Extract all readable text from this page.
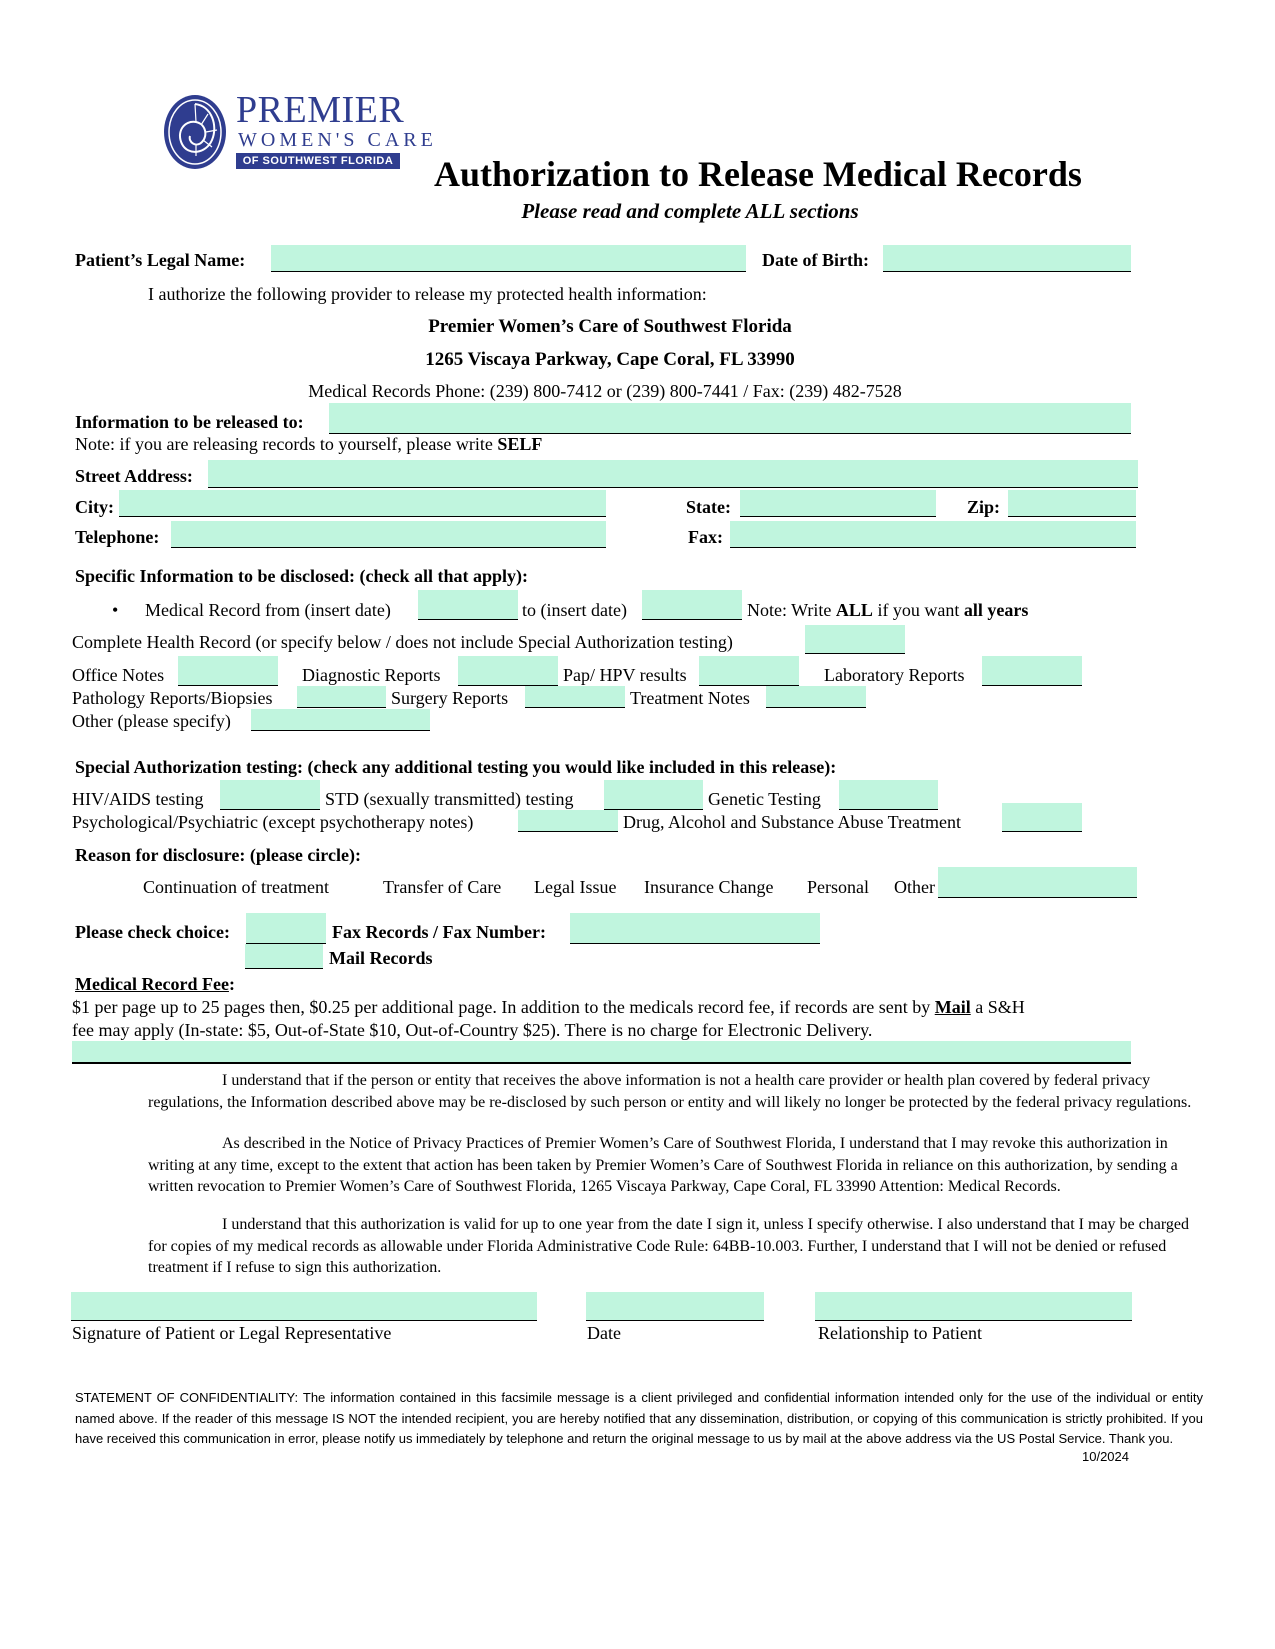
PREMIER
WOMEN'S CARE
OF SOUTHWEST FLORIDA Authorization to Release Medical Records
Please read and complete ALL sections
Patient’s Legal Name:	Date of Birth:
I authorize the following provider to release my protected health information:
Premier Women’s Care of Southwest Florida
1265 Viscaya Parkway, Cape Coral, FL 33990
Medical Records Phone: (239) 800-7412 or (239) 800-7441 / Fax: (239) 482-7528
Information to be released to:
Note: if you are releasing records to yourself, please write SELF
Street Address:
City:	State:	Zip:
Telephone:	Fax:
Specific Information to be disclosed: (check all that apply):
• Medical Record from (insert date)	to (insert date)	Note: Write ALL if you want all years
Complete Health Record (or specify below / does not include Special Authorization testing)
Office Notes	Diagnostic Reports	Pap/ HPV results	Laboratory Reports
Pathology Reports/Biopsies	Surgery Reports	Treatment Notes
Other (please specify)
Special Authorization testing: (check any additional testing you would like included in this release):
HIV/AIDS testing	STD (sexually transmitted) testing	Genetic Testing
Psychological/Psychiatric (except psychotherapy notes)	Drug, Alcohol and Substance Abuse Treatment
Reason for disclosure: (please circle):
Continuation of treatment	Transfer of Care Legal Issue Insurance Change Personal Other
Please check choice:	Fax Records / Fax Number:
Mail Records
Medical Record Fee:
$1 per page up to 25 pages then, $0.25 per additional page. In addition to the medicals record fee, if records are sent by Mail a S&H
fee may apply (In-state: $5, Out-of-State $10, Out-of-Country $25). There is no charge for Electronic Delivery.
I understand that if the person or entity that receives the above information is not a health care provider or health plan covered by federal privacy regulations, the Information described above may be re-disclosed by such person or entity and will likely no longer be protected by the federal privacy regulations.
As described in the Notice of Privacy Practices of Premier Women’s Care of Southwest Florida, I understand that I may revoke this authorization in writing at any time, except to the extent that action has been taken by Premier Women’s Care of Southwest Florida in reliance on this authorization, by sending a written revocation to Premier Women’s Care of Southwest Florida, 1265 Viscaya Parkway, Cape Coral, FL 33990 Attention: Medical Records.
I understand that this authorization is valid for up to one year from the date I sign it, unless I specify otherwise. I also understand that I may be charged for copies of my medical records as allowable under Florida Administrative Code Rule: 64BB-10.003. Further, I understand that I will not be denied or refused treatment if I refuse to sign this authorization.
Signature of Patient or Legal Representative	Date	Relationship to Patient
STATEMENT OF CONFIDENTIALITY: The information contained in this facsimile message is a client privileged and confidential information intended only for the use of the individual or entity named above. If the reader of this message IS NOT the intended recipient, you are hereby notified that any dissemination, distribution, or copying of this communication is strictly prohibited. If you have received this communication in error, please notify us immediately by telephone and return the original message to us by mail at the above address via the US Postal Service. Thank you.
10/2024
